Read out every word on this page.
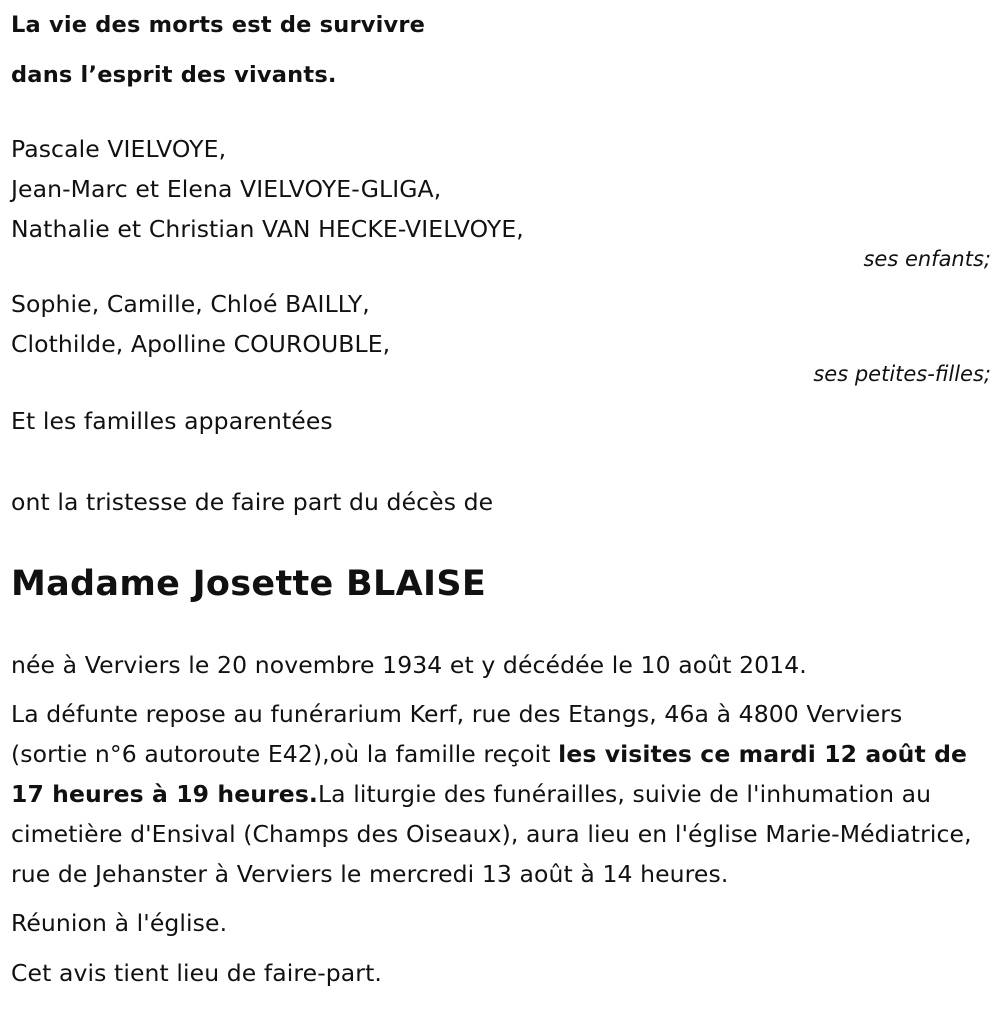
La vie des morts est de survivre
dans l’esprit des vivants.
Pascale VIELVOYE,
Jean-Marc et Elena VIELVOYE-GLIGA,
Nathalie et Christian VAN HECKE-VIELVOYE,
ses enfants;
Sophie, Camille, Chloé BAILLY,
Clothilde, Apolline COUROUBLE,
ses petites-filles;
Et les familles apparentées
ont la tristesse de faire part du décès de
Madame Josette BLAISE
née à Verviers le 20 novembre 1934 et y décédée le 10 août 2014.
La défunte repose au funérarium Kerf, rue des Etangs, 46a à 4800 Verviers (sortie n°6 autoroute E42),où la famille reçoit les visites ce mardi 12 août de 17 heures à 19 heures.La liturgie des funérailles, suivie de l'inhumation au cimetière d'Ensival (Champs des Oiseaux), aura lieu en l'église Marie-Médiatrice, rue de Jehanster à Verviers le mercredi 13 août à 14 heures.
Réunion à l'église.
Cet avis tient lieu de faire-part.
